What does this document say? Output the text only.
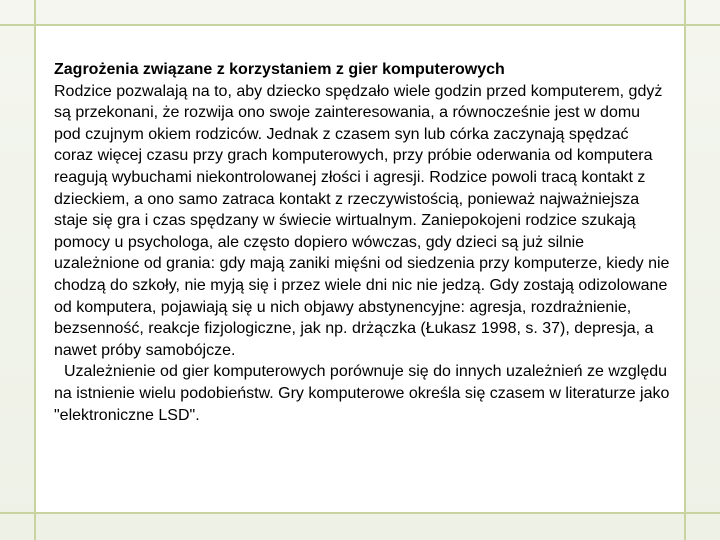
Zagrożenia związane z korzystaniem z gier komputerowych

Rodzice pozwalają na to, aby dziecko spędzało wiele godzin przed komputerem, gdyż są przekonani, że rozwija ono swoje zainteresowania, a równocześnie jest w domu pod czujnym okiem rodziców. Jednak z czasem syn lub córka zaczynają spędzać coraz więcej czasu przy grach komputerowych, przy próbie oderwania od komputera reagują wybuchami niekontrolowanej złości i agresji. Rodzice powoli tracą kontakt z dzieckiem, a ono samo zatraca kontakt z rzeczywistością, ponieważ najważniejsza staje się gra i czas spędzany w świecie wirtualnym. Zaniepokojeni rodzice szukają pomocy u psychologa, ale często dopiero wówczas, gdy dzieci są już silnie uzależnione od grania: gdy mają zaniki mięśni od siedzenia przy komputerze, kiedy nie chodzą do szkoły, nie myją się i przez wiele dni nic nie jedzą. Gdy zostają odizolowane od komputera, pojawiają się u nich objawy abstynencyjne: agresja, rozdrażnienie, bezsenność, reakcje fizjologiczne, jak np. drżączka (Łukasz 1998, s. 37), depresja, a nawet próby samobójcze.

Uzależnienie od gier komputerowych porównuje się do innych uzależnień ze względu na istnienie wielu podobieństw. Gry komputerowe określa się czasem w literaturze jako "elektroniczne LSD".
